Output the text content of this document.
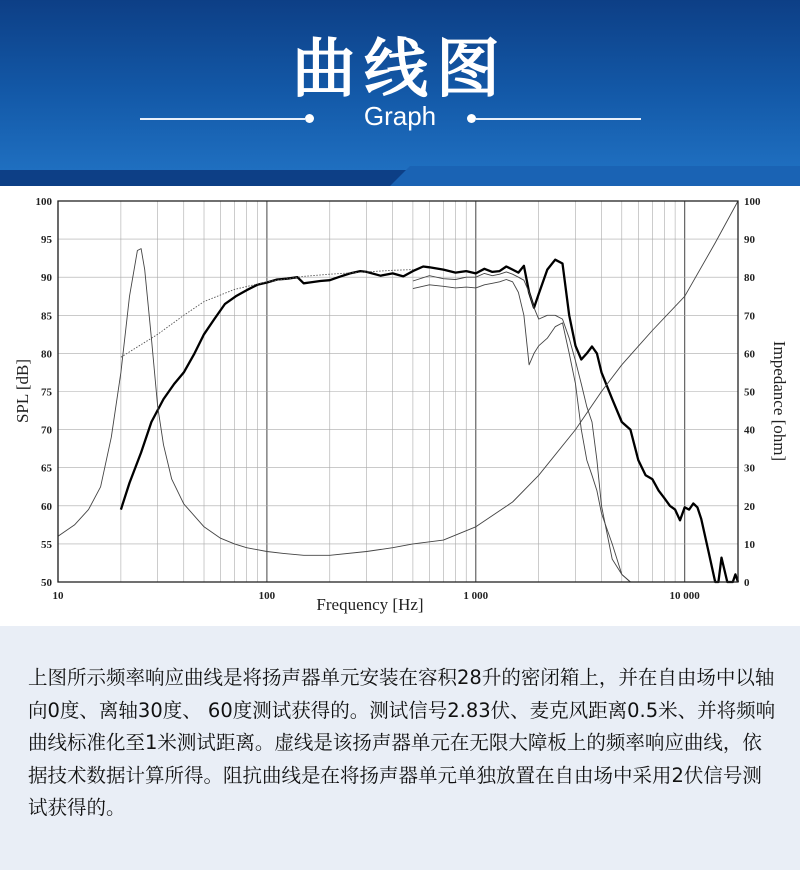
曲线图
Graph
50
55
60
65
70
75
80
85
90
95
100
0
10
20
30
40
50
60
70
80
90
100
10	100	1 000	10 000
Frequency [Hz]
SPL [dB]	Impedance [ohm]

上图所示频率响应曲线是将扬声器单元安装在容积28升的密闭箱上，并在自由场中以轴向0度、离轴30度、 60度测试获得的。测试信号2.83伏、麦克风距离0.5米、并将频响曲线标准化至1米测试距离。虚线是该扬声器单元在无限大障板上的频率响应曲线，依据技术数据计算所得。阻抗曲线是在将扬声器单元单独放置在自由场中采用2伏信号测试获得的。
